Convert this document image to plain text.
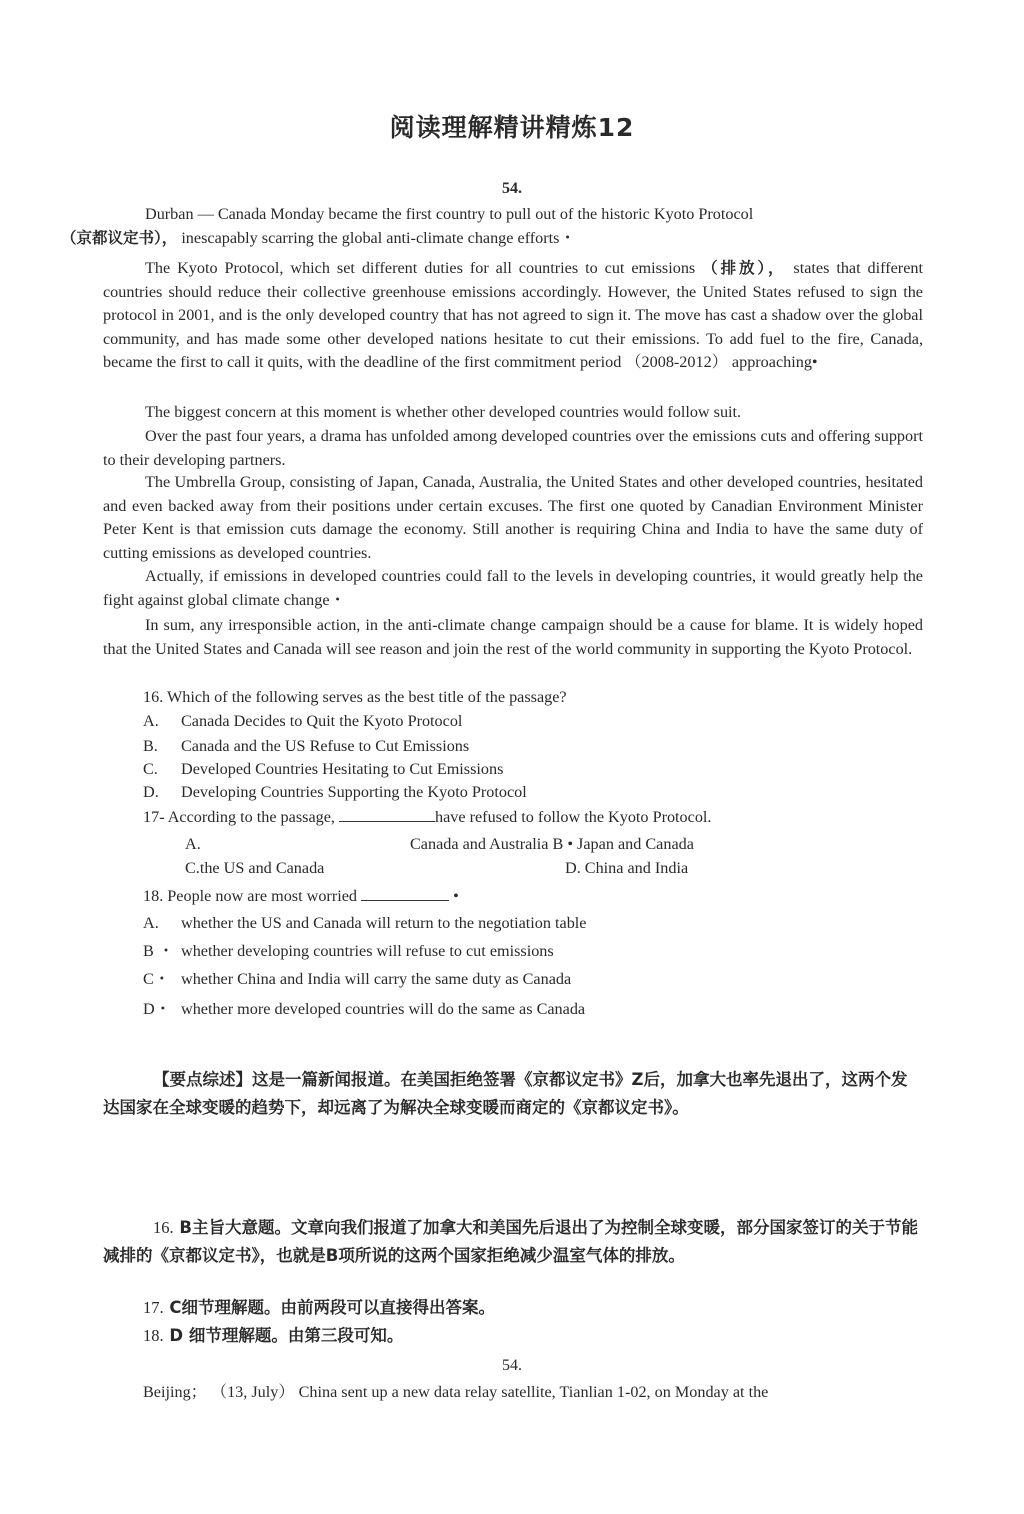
阅读理解精讲精炼12
54.

Durban — Canada Monday became the first country to pull out of the historic Kyoto Protocol
（京都议定书）， inescapably scarring the global anti-climate change efforts・

The Kyoto Protocol, which set different duties for all countries to cut emissions （排放）， states that different countries should reduce their collective greenhouse emissions accordingly. However, the United States refused to sign the protocol in 2001, and is the only developed country that has not agreed to sign it. The move has cast a shadow over the global community, and has made some other developed nations hesitate to cut their emissions. To add fuel to the fire, Canada, became the first to call it quits, with the deadline of the first commitment period （2008-2012） approaching•

The biggest concern at this moment is whether other developed countries would follow suit.

Over the past four years, a drama has unfolded among developed countries over the emissions cuts and offering support to their developing partners.

The Umbrella Group, consisting of Japan, Canada, Australia, the United States and other developed countries, hesitated and even backed away from their positions under certain excuses. The first one quoted by Canadian Environment Minister Peter Kent is that emission cuts damage the economy. Still another is requiring China and India to have the same duty of cutting emissions as developed countries.

Actually, if emissions in developed countries could fall to the levels in developing countries, it would greatly help the fight against global climate change・

In sum, any irresponsible action, in the anti-climate change campaign should be a cause for blame. It is widely hoped that the United States and Canada will see reason and join the rest of the world community in supporting the Kyoto Protocol.

16. Which of the following serves as the best title of the passage?
A. Canada Decides to Quit the Kyoto Protocol
B. Canada and the US Refuse to Cut Emissions
C. Developed Countries Hesitating to Cut Emissions
D. Developing Countries Supporting the Kyoto Protocol
17- According to the passage,	have refused to follow the Kyoto Protocol.
A.	Canada and Australia B • Japan and Canada
C.the US and Canada	D. China and India
18. People now are most worried	•
A. whether the US and Canada will return to the negotiation table
B ・ whether developing countries will refuse to cut emissions
C・ whether China and India will carry the same duty as Canada
D・ whether more developed countries will do the same as Canada

【要点综述】这是一篇新闻报道。在美国拒绝签署《京都议定书》Z后，加拿大也率先退出了，这两个发达国家在全球变暖的趋势下，却远离了为解决全球变暖而商定的《京都议定书》。

16. B主旨大意题。文章向我们报道了加拿大和美国先后退出了为控制全球变暖，部分国家签订的关于节能减排的《京都议定书》，也就是B项所说的这两个国家拒绝减少温室气体的排放。

17. C细节理解题。由前两段可以直接得出答案。
18. D 细节理解题。由第三段可知。
54.
Beijing； （13, July） China sent up a new data relay satellite, Tianlian 1-02, on Monday at the
